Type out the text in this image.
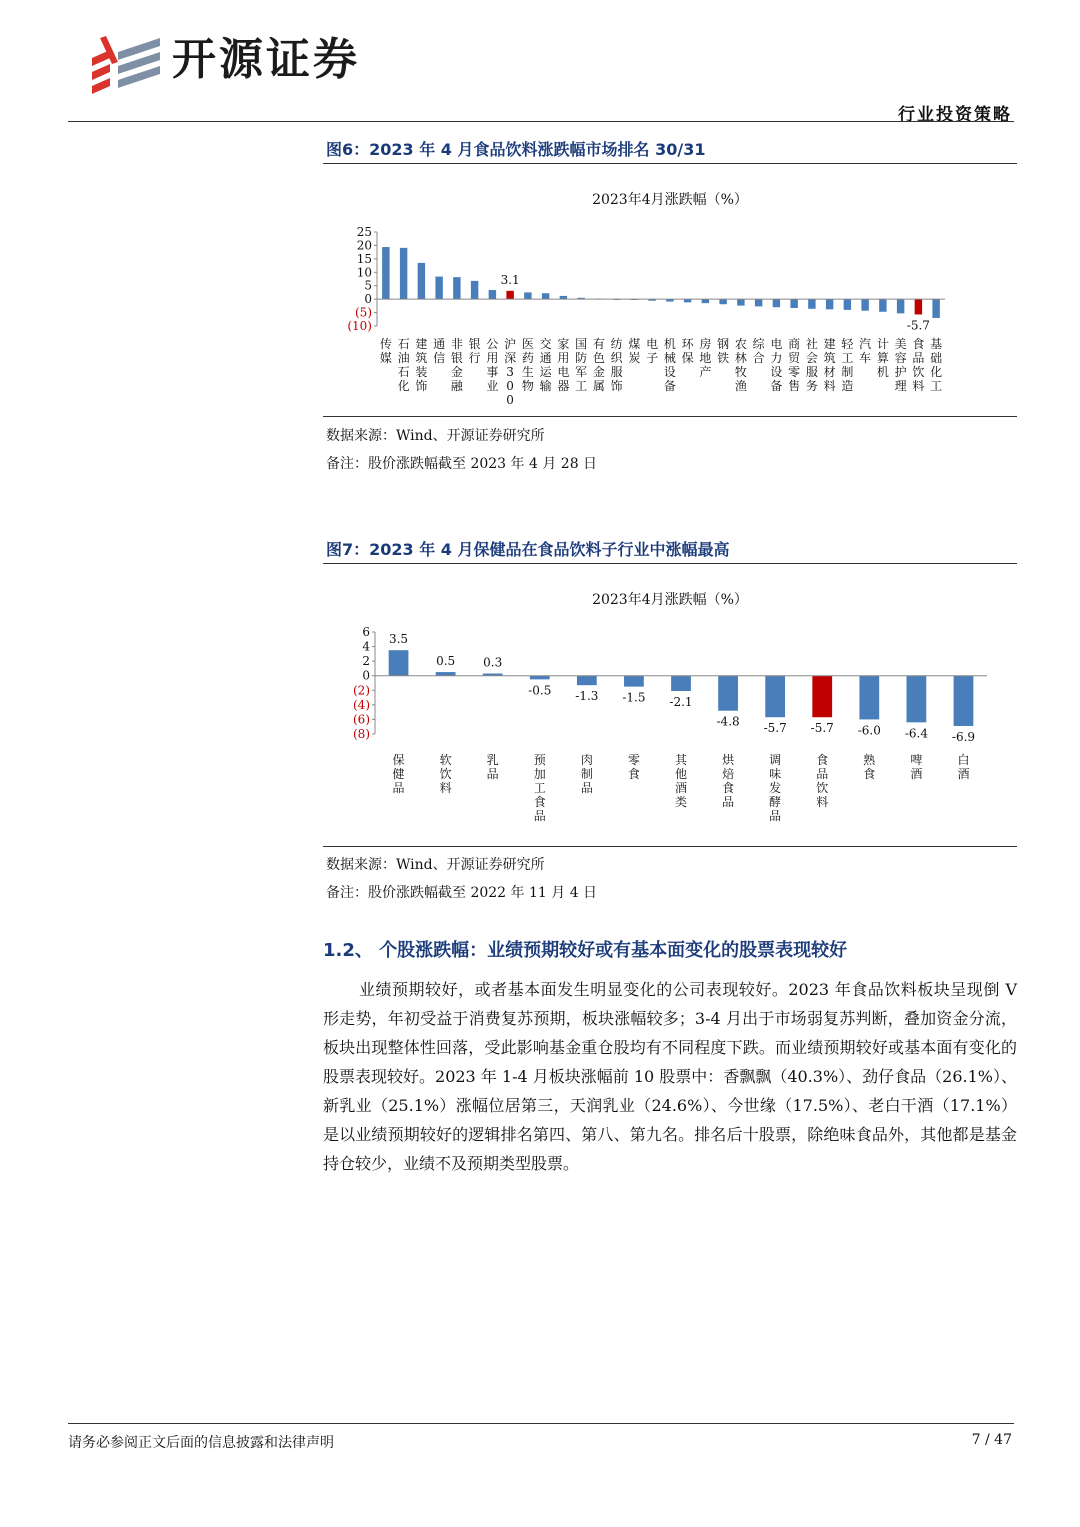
开源证券
行业投资策略
图6：2023 年 4 月食品饮料涨跌幅市场排名 30/31
2023年4月涨跌幅（%）
25
20
15
10
5
0
(5)
(10)
传媒
石油石化
建筑装饰
通信
非银金融
银行
公用事业
3.1
沪深 3 0 0
医药生物
交通运输
家用电器
国防军工
有色金属
纺织服饰
煤炭
电子
机械设备
环保
房地产
钢铁
农林牧渔
综合
电力设备
商贸零售
社会服务
建筑材料
轻工制造
汽车
计算机
美容护理
-5.7
食品饮料
基础化工
数据来源：Wind、开源证券研究所
备注：股价涨跌幅截至 2023 年 4 月 28 日
图7：2023 年 4 月保健品在食品饮料子行业中涨幅最高
2023年4月涨跌幅（%）
6
4
2
0
(2)
(4)
(6)
(8)
3.5
保健品
0.5
软饮料
0.3
乳品
-0.5
预加工食品
-1.3
肉制品
-1.5
零食
-2.1
其他酒类
-4.8
烘焙食品
-5.7
调味发酵品
-5.7
食品饮料
-6.0
熟食
-6.4
啤酒
-6.9
白酒
数据来源：Wind、开源证券研究所
备注：股价涨跌幅截至 2022 年 11 月 4 日
1.2、 个股涨跌幅：业绩预期较好或有基本面变化的股票表现较好
业绩预期较好，或者基本面发生明显变化的公司表现较好。2023 年食品饮料板块呈现倒 V 形走势，年初受益于消费复苏预期，板块涨幅较多；3-4 月出于市场弱复苏判断，叠加资金分流，板块出现整体性回落，受此影响基金重仓股均有不同程度下跌。而业绩预期较好或基本面有变化的股票表现较好。2023 年 1-4 月板块涨幅前 10 股票中：香飘飘（40.3%）、劲仔食品（26.1%）、新乳业（25.1%）涨幅位居第三，天润乳业（24.6%）、今世缘（17.5%）、老白干酒（17.1%）是以业绩预期较好的逻辑排名第四、第八、第九名。排名后十股票，除绝味食品外，其他都是基金持仓较少，业绩不及预期类型股票。
请务必参阅正文后面的信息披露和法律声明	7 / 47
